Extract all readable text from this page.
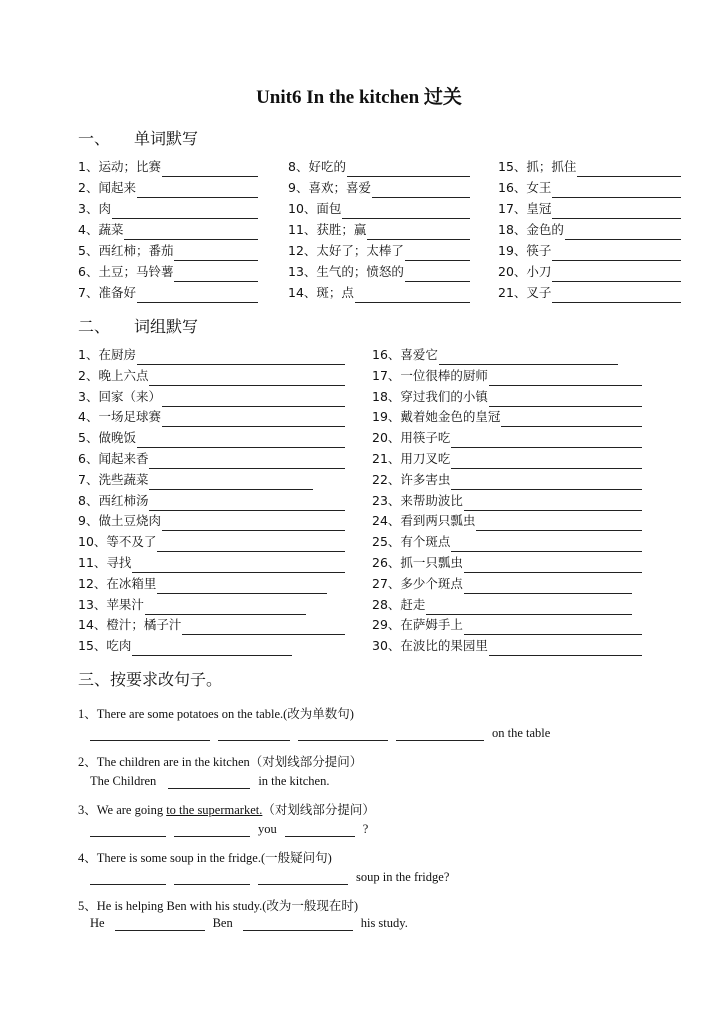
Unit6 In the kitchen 过关
一、 单词默写
1、运动；比赛
2、闻起来
3、肉
4、蔬菜
5、西红柿；番茄
6、土豆；马铃薯
7、准备好
8、好吃的
9、喜欢；喜爱
10、面包
11、获胜；赢
12、太好了；太棒了
13、生气的；愤怒的
14、斑；点
15、抓；抓住
16、女王
17、皇冠
18、金色的
19、筷子
20、小刀
21、叉子
二、 词组默写
1、在厨房
2、晚上六点
3、回家（来）
4、一场足球赛
5、做晚饭
6、闻起来香
7、洗些蔬菜
8、西红柿汤
9、做土豆烧肉
10、等不及了
11、寻找
12、在冰箱里
13、苹果汁
14、橙汁；橘子汁
15、吃肉
16、喜爱它
17、一位很棒的厨师
18、穿过我们的小镇
19、戴着她金色的皇冠
20、用筷子吃
21、用刀叉吃
22、许多害虫
23、来帮助波比
24、看到两只瓢虫
25、有个斑点
26、抓一只瓢虫
27、多少个斑点
28、赶走
29、在萨姆手上
30、在波比的果园里
三、按要求改句子。
1、There are some potatoes on the table.(改为单数句)
on the table
2、The children are in the kitchen（对划线部分提问）
The Children	in the kitchen.
3、We are going to the supermarket.（对划线部分提问）
you	?
4、There is some soup in the fridge.(一般疑问句)
soup in the fridge?
5、He is helping Ben with his study.(改为一般现在时)
He	Ben	his study.
